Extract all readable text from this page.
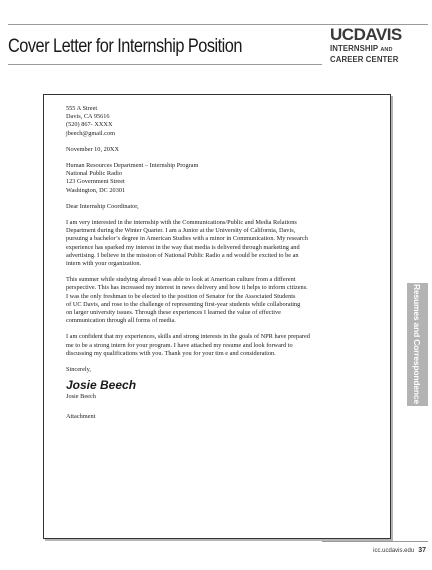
Cover Letter for Internship Position
UCDAVIS
INTERNSHIP AND
CAREER CENTER
555 A Street
Davis, CA 95616
(520) 867- XXXX
jbeech@gmail.com

November 10, 20XX

Human Resources Department – Internship Program
National Public Radio
123 Government Street
Washington, DC 20301

Dear Internship Coordinator,

I am very interested in the internship with the Communications/Public and Media Relations
Department during the Winter Quarter. I am a Junior at the University of California, Davis,
pursuing a bachelor’s degree in American Studies with a minor in Communication. My research
experience has sparked my interest in the way that media is delivered through marketing and
advertising. I believe in the mission of National Public Radio a nd would be excited to be an
intern with your organization.

This summer while studying abroad I was able to look at American culture from a different
perspective. This has increased my interest in news delivery and how it helps to inform citizens.
I was the only freshman to be elected to the position of Senator for the Associated Students
of UC Davis, and rose to the challenge of representing first-year students while collaborating
on larger university issues. Through these experiences I learned the value of effective
communication through all forms of media.

I am confident that my experiences, skills and strong interests in the goals of NPR have prepared
me to be a strong intern for your program. I have attached my resume and look forward to
discussing my qualifications with you. Thank you for your tim e and consideration.

Sincerely,

Josie Beech

Josie Beech

Attachment

Resumes and Correspondence
icc.ucdavis.edu 37
